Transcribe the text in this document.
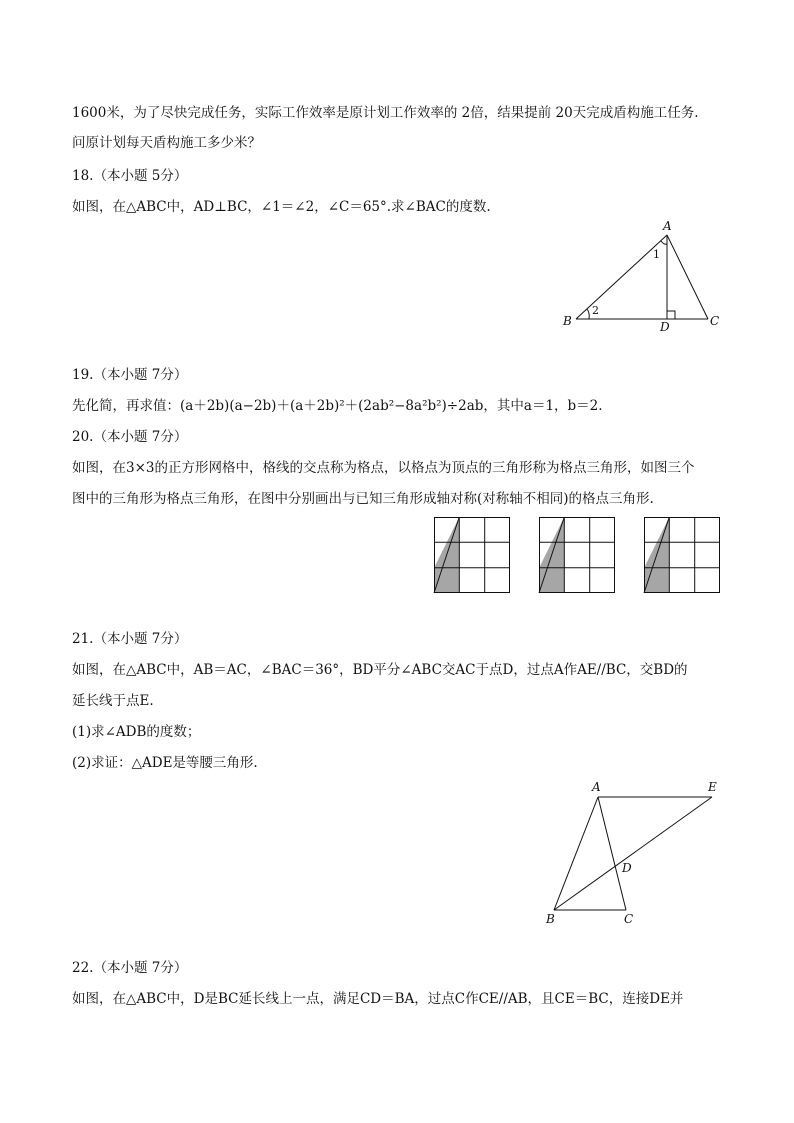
1600米，为了尽快完成任务，实际工作效率是原计划工作效率的 2倍，结果提前 20天完成盾构施工任务.
问原计划每天盾构施工多少米？
18.（本小题 5分）
如图，在△ABC中，AD⊥BC，∠1＝∠2，∠C＝65°.求∠BAC的度数.
A
B	C
D
1
2
19.（本小题 7分）
先化简，再求值：(a＋2b)(a−2b)＋(a＋2b)²＋(2ab²−8a²b²)÷2ab，其中a＝1，b＝2.
20.（本小题 7分）
如图，在3×3的正方形网格中，格线的交点称为格点，以格点为顶点的三角形称为格点三角形，如图三个
图中的三角形为格点三角形，在图中分别画出与已知三角形成轴对称(对称轴不相同)的格点三角形.
21.（本小题 7分）
如图，在△ABC中，AB＝AC，∠BAC＝36°，BD平分∠ABC交AC于点D，过点A作AE//BC，交BD的
延长线于点E.
(1)求∠ADB的度数；
(2)求证：△ADE是等腰三角形.
A	E
D
B	C
22.（本小题 7分）
如图，在△ABC中，D是BC延长线上一点，满足CD＝BA，过点C作CE//AB，且CE＝BC，连接DE并
